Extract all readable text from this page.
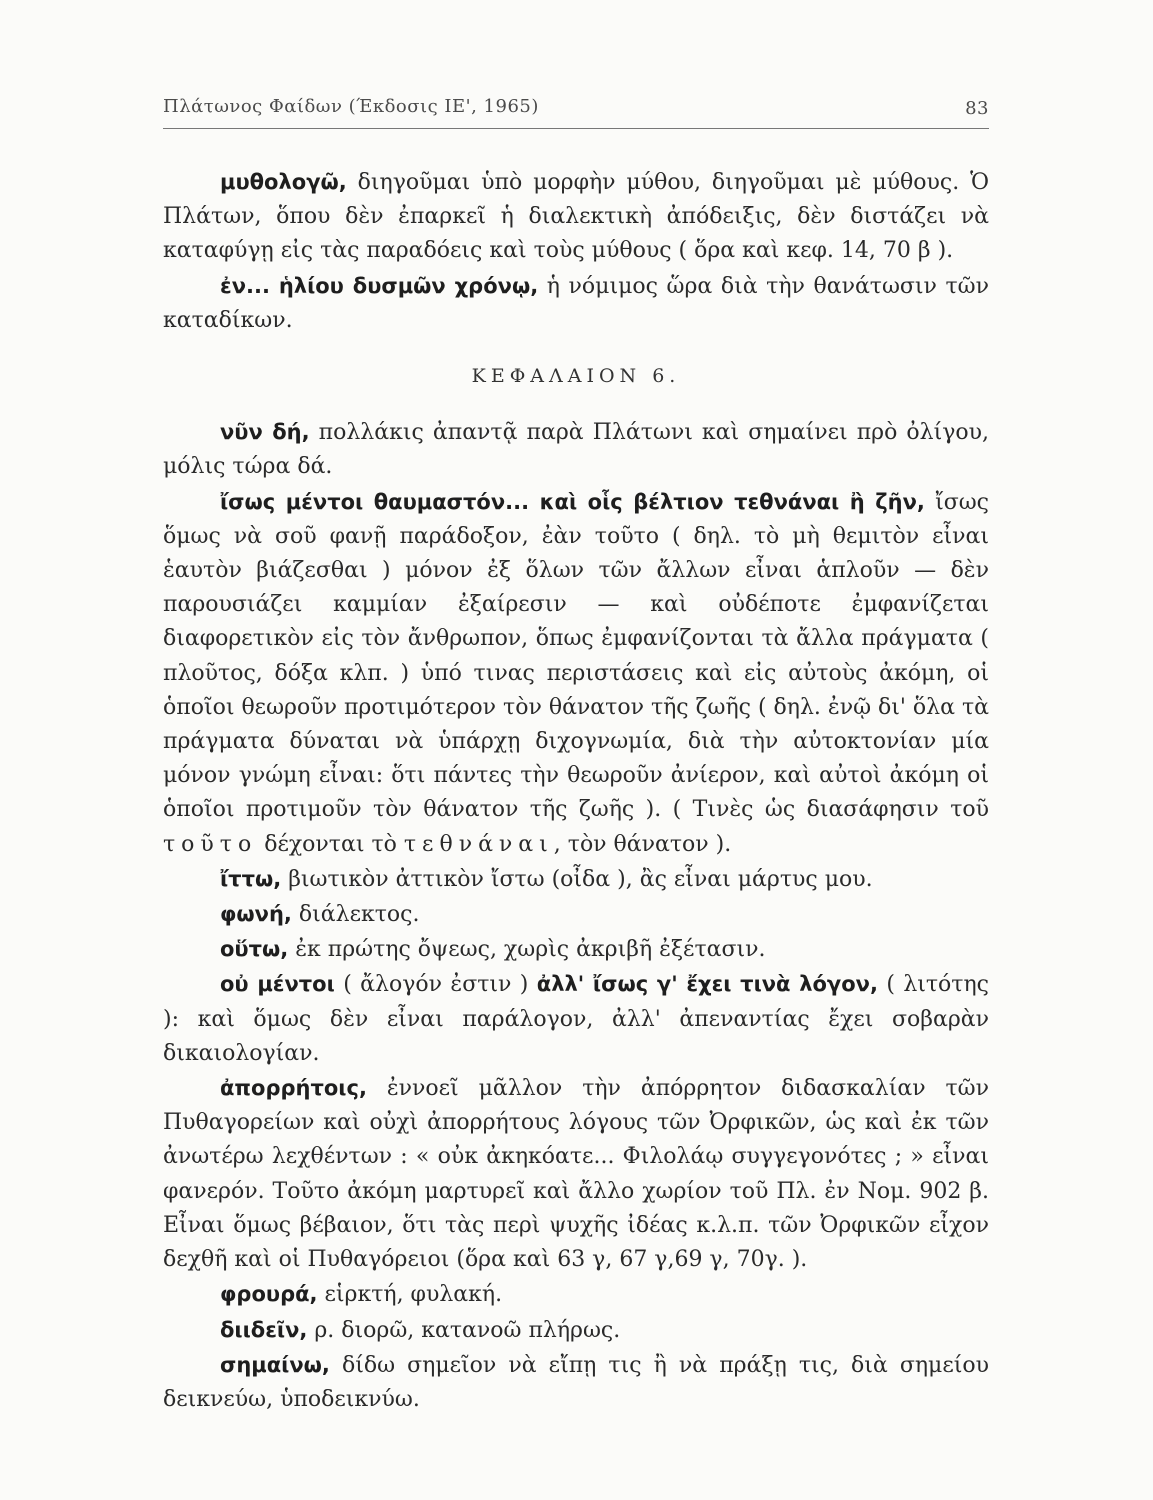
Πλάτωνος Φαίδων (Έκδοσις ΙΕ', 1965)	83

μυθολογῶ, διηγοῦμαι ὑπὸ μορφὴν μύθου, διηγοῦμαι μὲ μύθους. Ὁ Πλάτων, ὅπου δὲν ἐπαρκεῖ ἡ διαλεκτικὴ ἀπόδειξις, δὲν διστάζει νὰ καταφύγῃ εἰς τὰς παραδόεις καὶ τοὺς μύθους ( ὅρα καὶ κεφ. 14, 70 β ).

ἐν... ἡλίου δυσμῶν χρόνῳ, ἡ νόμιμος ὥρα διὰ τὴν θανάτωσιν τῶν καταδίκων.

ΚΕΦΑΛΑΙΟΝ 6.

νῦν δή, πολλάκις ἀπαντᾷ παρὰ Πλάτωνι καὶ σημαίνει πρὸ ὀλίγου, μόλις τώρα δά.

ἴσως μέντοι θαυμαστόν... καὶ οἷς βέλτιον τεθνάναι ἢ ζῆν, ἴσως ὅμως νὰ σοῦ φανῇ παράδοξον, ἐὰν τοῦτο ( δηλ. τὸ μὴ θεμιτὸν εἶναι ἑαυτὸν βιάζεσθαι ) μόνον ἐξ ὅλων τῶν ἄλλων εἶναι ἁπλοῦν — δὲν παρουσιάζει καμμίαν ἐξαίρεσιν — καὶ οὐδέποτε ἐμφανίζεται διαφορετικὸν εἰς τὸν ἄνθρωπον, ὅπως ἐμφανίζονται τὰ ἄλλα πράγματα ( πλοῦτος, δόξα κλπ. ) ὑπό τινας περιστάσεις καὶ εἰς αὐτοὺς ἀκόμη, οἱ ὁποῖοι θεωροῦν προτιμότερον τὸν θάνατον τῆς ζωῆς ( δηλ. ἐνῷ δι' ὅλα τὰ πράγματα δύναται νὰ ὑπάρχῃ διχογνωμία, διὰ τὴν αὐτοκτονίαν μία μόνον γνώμη εἶναι: ὅτι πάντες τὴν θεωροῦν ἀνίερον, καὶ αὐτοὶ ἀκόμη οἱ ὁποῖοι προτιμοῦν τὸν θάνατον τῆς ζωῆς ). ( Τινὲς ὡς διασάφησιν τοῦ τοῦτο δέχονται τὸ τεθνάναι, τὸν θάνατον ).

ἴττω, βιωτικὸν ἀττικὸν ἴστω (οἶδα ), ἂς εἶναι μάρτυς μου.

φωνή, διάλεκτος.

οὕτω, ἐκ πρώτης ὄψεως, χωρὶς ἀκριβῆ ἐξέτασιν.

οὐ μέντοι ( ἄλογόν ἐστιν ) ἀλλ' ἴσως γ' ἔχει τινὰ λόγον, ( λιτότης ): καὶ ὅμως δὲν εἶναι παράλογον, ἀλλ' ἀπεναντίας ἔχει σοβαρὰν δικαιολογίαν.

ἀπορρήτοις, ἐννοεῖ μᾶλλον τὴν ἀπόρρητον διδασκαλίαν τῶν Πυθαγορείων καὶ οὐχὶ ἀπορρήτους λόγους τῶν Ὀρφικῶν, ὡς καὶ ἐκ τῶν ἀνωτέρω λεχθέντων : « οὐκ ἀκηκόατε... Φιλολάῳ συγγεγονότες ; » εἶναι φανερόν. Τοῦτο ἀκόμη μαρτυρεῖ καὶ ἄλλο χωρίον τοῦ Πλ. ἐν Νομ. 902 β. Εἶναι ὅμως βέβαιον, ὅτι τὰς περὶ ψυχῆς ἰδέας κ.λ.π. τῶν Ὀρφικῶν εἶχον δεχθῆ καὶ οἱ Πυθαγόρειοι (ὅρα καὶ 63 γ, 67 γ,69 γ, 70γ. ).

φρουρά, εἱρκτή, φυλακή.

διιδεῖν, ρ. διορῶ, κατανοῶ πλήρως.

σημαίνω, δίδω σημεῖον νὰ εἴπῃ τις ἢ νὰ πράξῃ τις, διὰ σημείου δεικνεύω, ὑποδεικνύω.
